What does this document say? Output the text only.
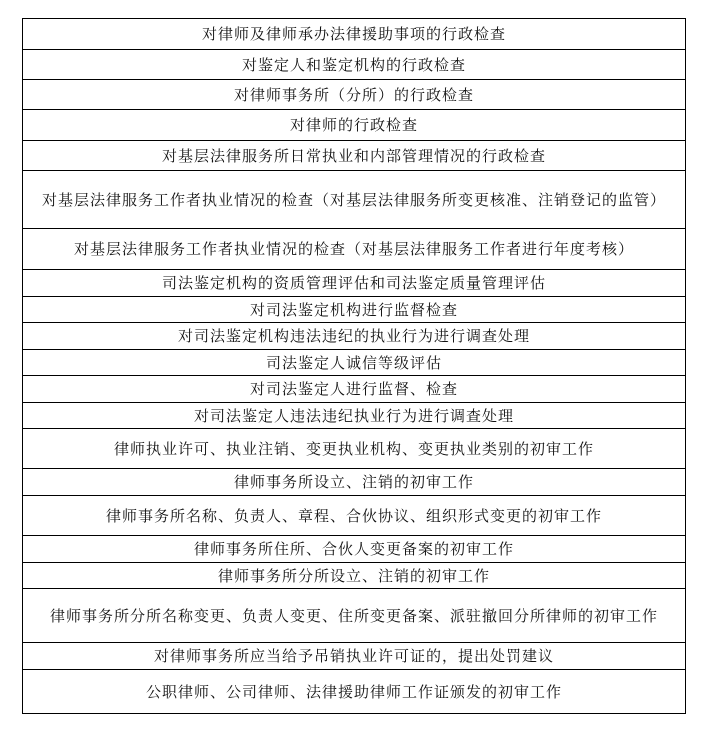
对律师及律师承办法律援助事项的行政检查
对鉴定人和鉴定机构的行政检查
对律师事务所（分所）的行政检查
对律师的行政检查
对基层法律服务所日常执业和内部管理情况的行政检查
对基层法律服务工作者执业情况的检查（对基层法律服务所变更核准、注销登记的监管）
对基层法律服务工作者执业情况的检查（对基层法律服务工作者进行年度考核）
司法鉴定机构的资质管理评估和司法鉴定质量管理评估
对司法鉴定机构进行监督检查
对司法鉴定机构违法违纪的执业行为进行调查处理
司法鉴定人诚信等级评估
对司法鉴定人进行监督、检查
对司法鉴定人违法违纪执业行为进行调查处理
律师执业许可、执业注销、变更执业机构、变更执业类别的初审工作
律师事务所设立、注销的初审工作
律师事务所名称、负责人、章程、合伙协议、组织形式变更的初审工作
律师事务所住所、合伙人变更备案的初审工作
律师事务所分所设立、注销的初审工作
律师事务所分所名称变更、负责人变更、住所变更备案、派驻撤回分所律师的初审工作
对律师事务所应当给予吊销执业许可证的，提出处罚建议
公职律师、公司律师、法律援助律师工作证颁发的初审工作
